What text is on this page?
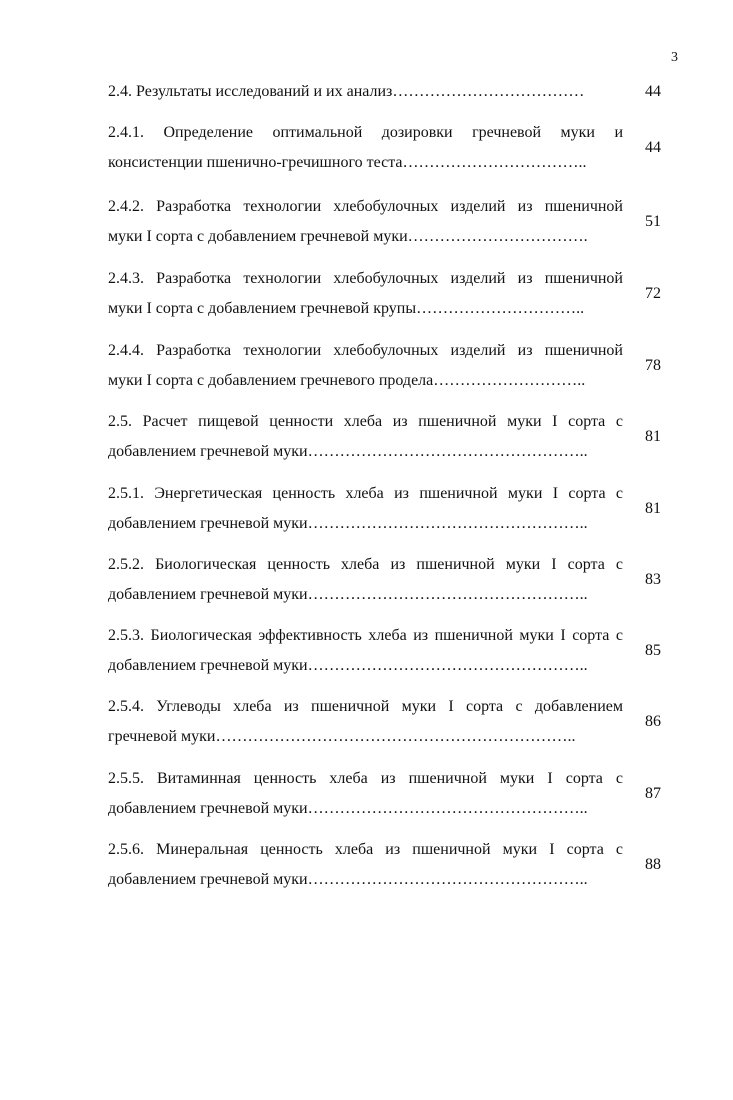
3
2.4. Результаты исследований и их анализ………………………………	44
2.4.1. Определение оптимальной дозировки гречневой муки и
консистенции пшенично-гречишного теста……………………………..
44
2.4.2. Разработка технологии хлебобулочных изделий из пшеничной
муки I сорта с добавлением гречневой муки…………………………….
51
2.4.3. Разработка технологии хлебобулочных изделий из пшеничной
муки I сорта с добавлением гречневой крупы…………………………..
72
2.4.4. Разработка технологии хлебобулочных изделий из пшеничной
муки I сорта с добавлением гречневого продела………………………..
78
2.5. Расчет пищевой ценности хлеба из пшеничной муки I сорта с
добавлением гречневой муки……………………………………………..
81
2.5.1. Энергетическая ценность хлеба из пшеничной муки I сорта с
добавлением гречневой муки……………………………………………..
81
2.5.2. Биологическая ценность хлеба из пшеничной муки I сорта с
добавлением гречневой муки……………………………………………..
83
2.5.3. Биологическая эффективность хлеба из пшеничной муки I сорта с
добавлением гречневой муки……………………………………………..
85
2.5.4. Углеводы хлеба из пшеничной муки I сорта с добавлением
гречневой муки…………………………………………………………..
86
2.5.5. Витаминная ценность хлеба из пшеничной муки I сорта с
добавлением гречневой муки……………………………………………..
87
2.5.6. Минеральная ценность хлеба из пшеничной муки I сорта с
добавлением гречневой муки……………………………………………..
88
